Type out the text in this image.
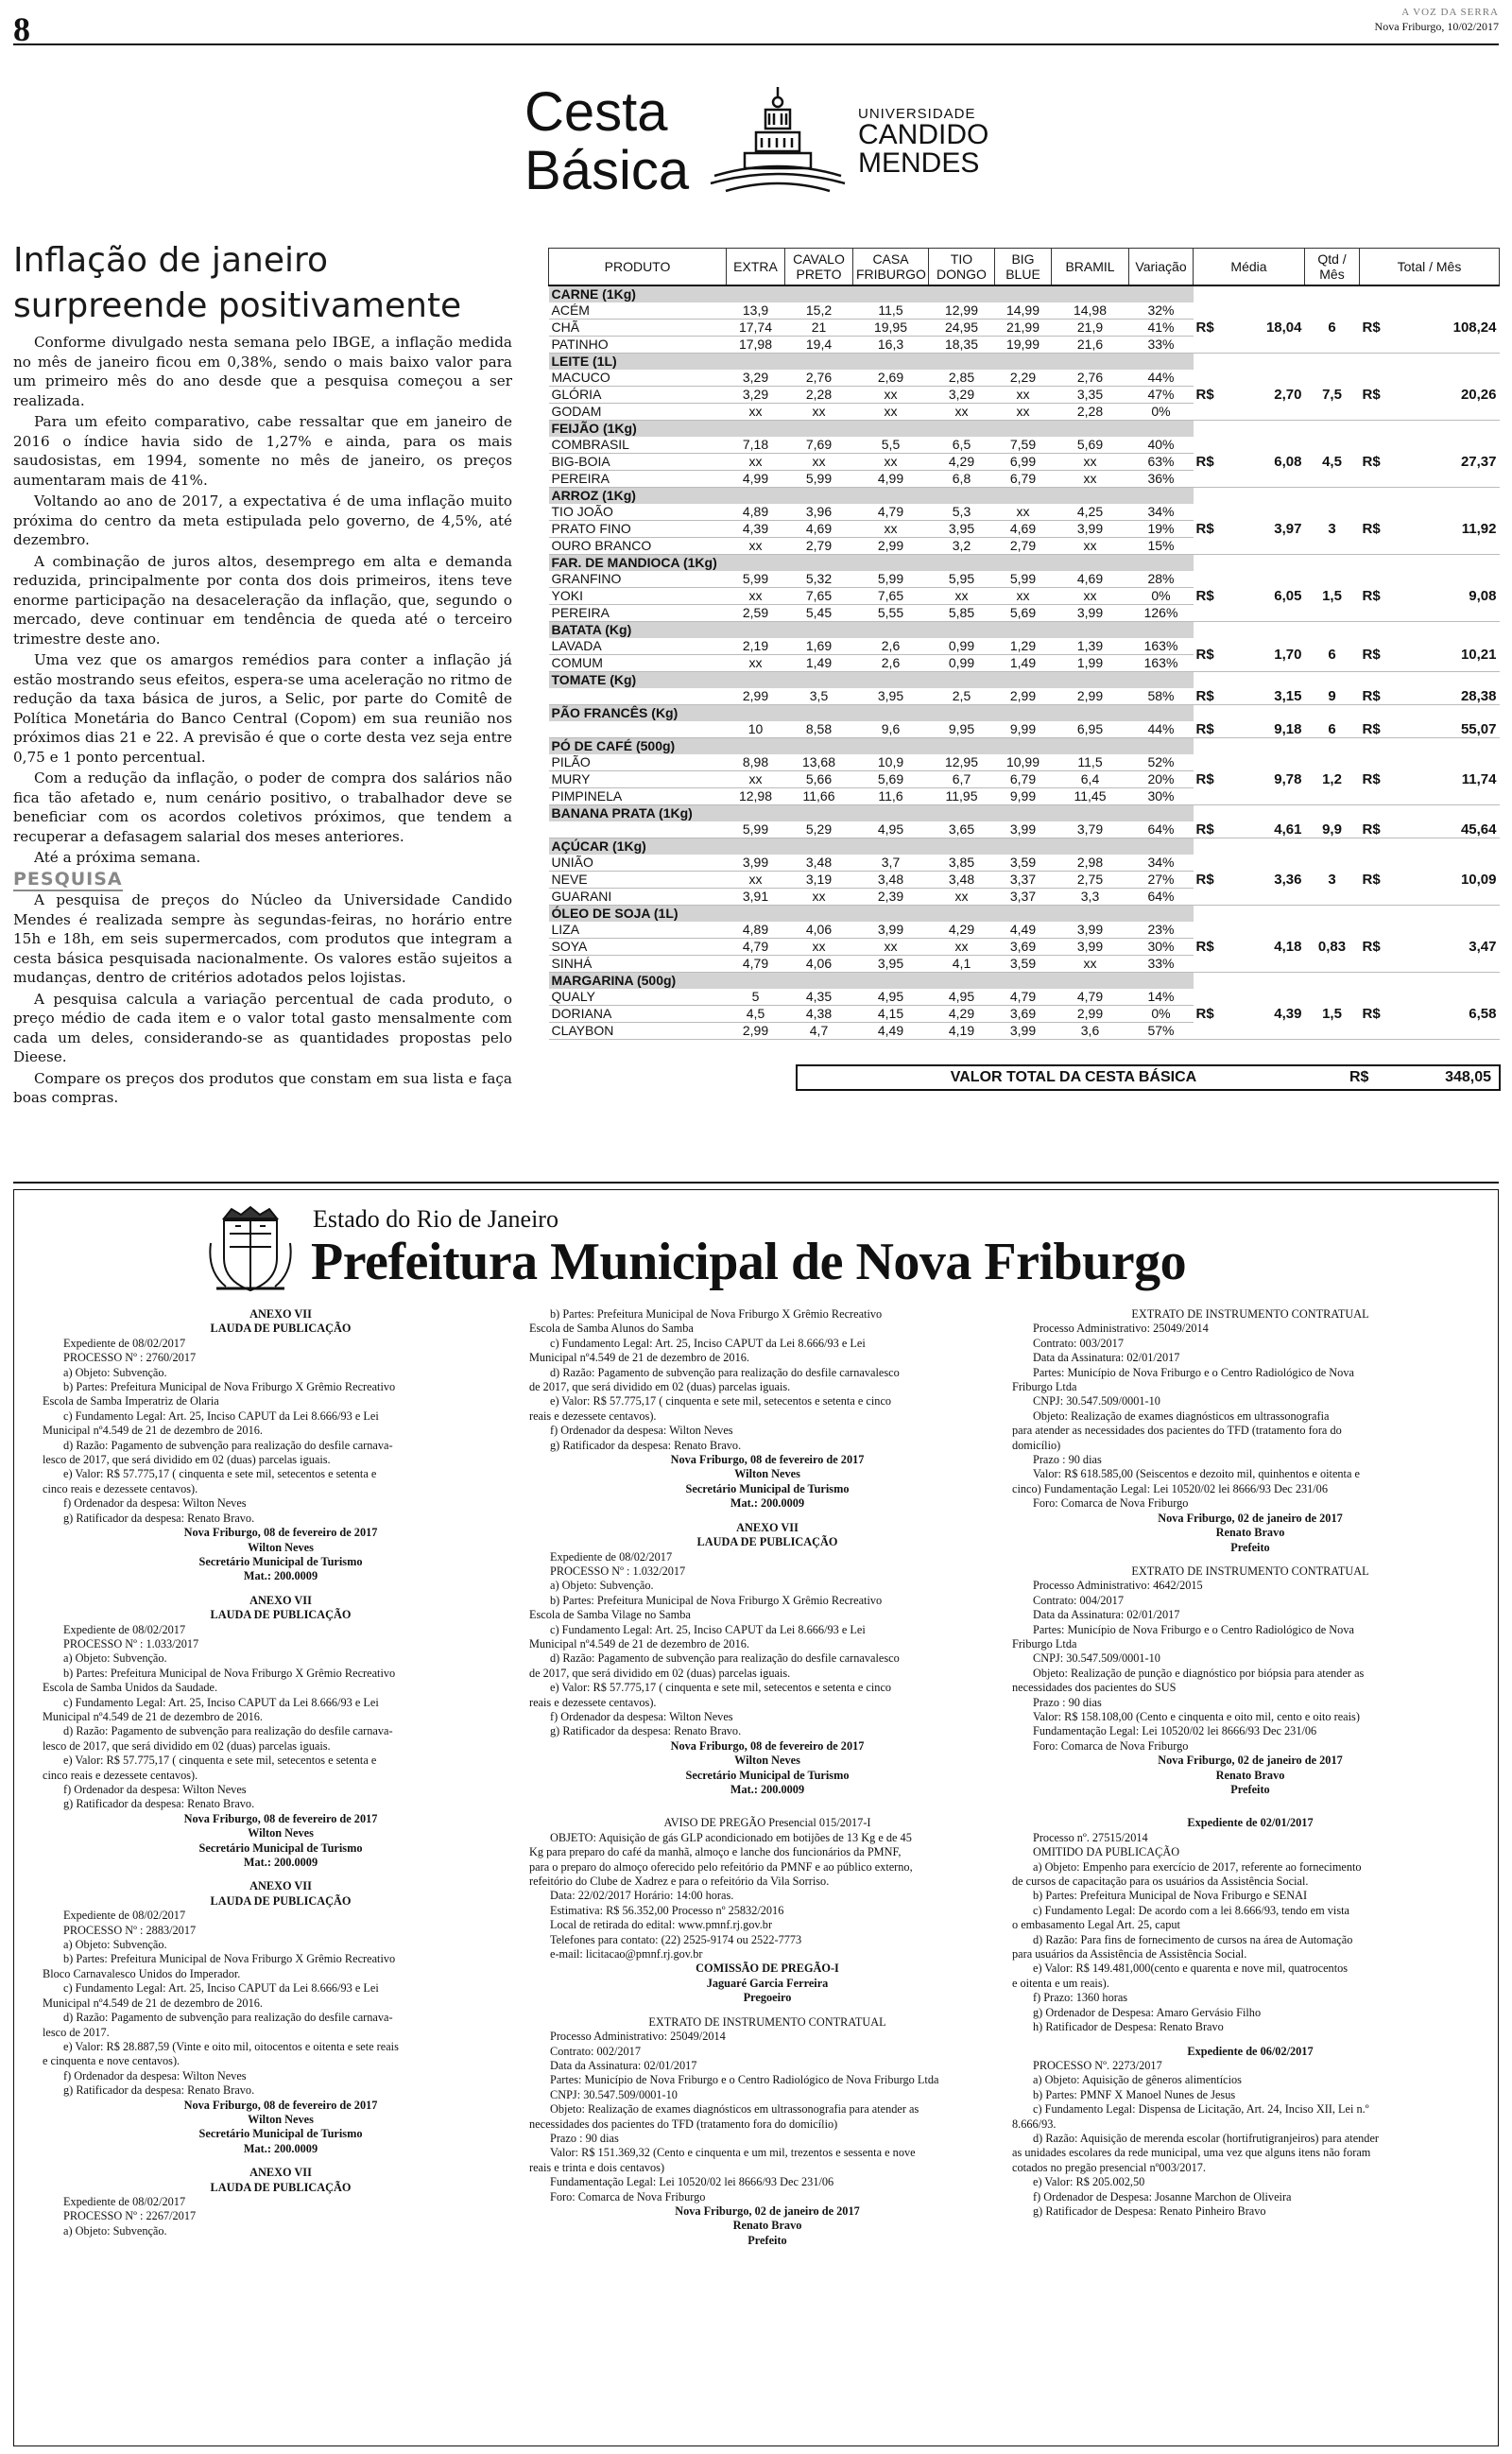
8	A VOZ DA SERRA
Nova Friburgo, 10/02/2017
Cesta
Básica
UNIVERSIDADE
CANDIDO
MENDES
Inflação de janeiro surpreende positivamente

Conforme divulgado nesta semana pelo IBGE, a inflação medida no mês de janeiro ficou em 0,38%, sendo o mais baixo valor para um primeiro mês do ano desde que a pesquisa começou a ser realizada.

Para um efeito comparativo, cabe ressaltar que em janeiro de 2016 o índice havia sido de 1,27% e ainda, para os mais saudosistas, em 1994, somente no mês de janeiro, os preços aumentaram mais de 41%.

Voltando ao ano de 2017, a expectativa é de uma inflação muito próxima do centro da meta estipulada pelo governo, de 4,5%, até dezembro.

A combinação de juros altos, desemprego em alta e demanda reduzida, principalmente por conta dos dois primeiros, itens teve enorme participação na desaceleração da inflação, que, segundo o mercado, deve continuar em tendência de queda até o terceiro trimestre deste ano.

Uma vez que os amargos remédios para conter a inflação já estão mostrando seus efeitos, espera-se uma aceleração no ritmo de redução da taxa básica de juros, a Selic, por parte do Comitê de Política Monetária do Banco Central (Copom) em sua reunião nos próximos dias 21 e 22. A previsão é que o corte desta vez seja entre 0,75 e 1 ponto percentual.

Com a redução da inflação, o poder de compra dos salários não fica tão afetado e, num cenário positivo, o trabalhador deve se beneficiar com os acordos coletivos próximos, que tendem a recuperar a defasagem salarial dos meses anteriores.

Até a próxima semana.

PESQUISA

A pesquisa de preços do Núcleo da Universidade Candido Mendes é realizada sempre às segundas-feiras, no horário entre 15h e 18h, em seis supermercados, com produtos que integram a cesta básica pesquisada nacionalmente. Os valores estão sujeitos a mudanças, dentro de critérios adotados pelos lojistas.

A pesquisa calcula a variação percentual de cada produto, o preço médio de cada item e o valor total gasto mensalmente com cada um deles, considerando-se as quantidades propostas pelo Dieese.

Compare os preços dos produtos que constam em sua lista e faça boas compras.

PRODUTO	EXTRA	CAVALO
PRETO	CASA
FRIBURGO	TIO
DONGO	BIG
BLUE	BRAMIL	Variação	Média	Qtd /
Mês	Total / Mês
CARNE (1Kg)										
ACÉM	13,9	15,2	11,5	12,99	14,99	14,98	32%	R$ 18,04	6	R$ 108,24

CHÃ	17,74	21	19,95	24,95	21,99	21,9	41%			
PATINHO	17,98	19,4	16,3	18,35	19,99	21,6	33%			
LEITE (1L)										
MACUCO	3,29	2,76	2,69	2,85	2,29	2,76	44%	R$ 2,70	7,5	R$ 20,26

GLÓRIA	3,29	2,28	xx	3,29	xx	3,35	47%			
GODAM	xx	xx	xx	xx	xx	2,28	0%			
FEIJÃO (1Kg)										
COMBRASIL	7,18	7,69	5,5	6,5	7,59	5,69	40%	R$ 6,08	4,5	R$ 27,37

BIG-BOIA	xx	xx	xx	4,29	6,99	xx	63%			
PEREIRA	4,99	5,99	4,99	6,8	6,79	xx	36%			
ARROZ (1Kg)										
TIO JOÃO	4,89	3,96	4,79	5,3	xx	4,25	34%	R$ 3,97	3	R$ 11,92

PRATO FINO	4,39	4,69	xx	3,95	4,69	3,99	19%			
OURO BRANCO	xx	2,79	2,99	3,2	2,79	xx	15%			
FAR. DE MANDIOCA (1Kg)										
GRANFINO	5,99	5,32	5,99	5,95	5,99	4,69	28%	R$ 6,05	1,5	R$ 9,08

YOKI	xx	7,65	7,65	xx	xx	xx	0%			
PEREIRA	2,59	5,45	5,55	5,85	5,69	3,99	126%			
BATATA (Kg)										
LAVADA	2,19	1,69	2,6	0,99	1,29	1,39	163%	R$ 1,70	6	R$ 10,21

COMUM	xx	1,49	2,6	0,99	1,49	1,99	163%			
TOMATE (Kg)										
	2,99	3,5	3,95	2,5	2,99	2,99	58%	R$ 3,15	9	R$ 28,38

PÃO FRANCÊS (Kg)										
	10	8,58	9,6	9,95	9,99	6,95	44%	R$ 9,18	6	R$ 55,07

PÓ DE CAFÉ (500g)										
PILÃO	8,98	13,68	10,9	12,95	10,99	11,5	52%	R$ 9,78	1,2	R$ 11,74

MURY	xx	5,66	5,69	6,7	6,79	6,4	20%			
PIMPINELA	12,98	11,66	11,6	11,95	9,99	11,45	30%			
BANANA PRATA (1Kg)										
	5,99	5,29	4,95	3,65	3,99	3,79	64%	R$ 4,61	9,9	R$ 45,64

AÇÚCAR (1Kg)										
UNIÃO	3,99	3,48	3,7	3,85	3,59	2,98	34%	R$ 3,36	3	R$ 10,09

NEVE	xx	3,19	3,48	3,48	3,37	2,75	27%			
GUARANI	3,91	xx	2,39	xx	3,37	3,3	64%			
ÓLEO DE SOJA (1L)										
LIZA	4,89	4,06	3,99	4,29	4,49	3,99	23%	R$ 4,18	0,83	R$ 3,47

SOYA	4,79	xx	xx	xx	3,69	3,99	30%			
SINHÁ	4,79	4,06	3,95	4,1	3,59	xx	33%			
MARGARINA (500g)										
QUALY	5	4,35	4,95	4,95	4,79	4,79	14%	R$ 4,39	1,5	R$ 6,58

DORIANA	4,5	4,38	4,15	4,29	3,69	2,99	0%			
CLAYBON	2,99	4,7	4,49	4,19	3,99	3,6	57%			
VALOR TOTAL DA CESTA BÁSICA	R$	348,05
Estado do Rio de Janeiro
Prefeitura Municipal de Nova Friburgo

ANEXO VII

LAUDA DE PUBLICAÇÃO

Expediente de 08/02/2017

PROCESSO Nº : 2760/2017

a) Objeto: Subvenção.

b) Partes: Prefeitura Municipal de Nova Friburgo X Grêmio Recreativo

Escola de Samba Imperatriz de Olaria

c) Fundamento Legal: Art. 25, Inciso CAPUT da Lei 8.666/93 e Lei

Municipal nº4.549 de 21 de dezembro de 2016.

d) Razão: Pagamento de subvenção para realização do desfile carnava-

lesco de 2017, que será dividido em 02 (duas) parcelas iguais.

e) Valor: R$ 57.775,17 ( cinquenta e sete mil, setecentos e setenta e

cinco reais e dezessete centavos).

f) Ordenador da despesa: Wilton Neves

g) Ratificador da despesa: Renato Bravo.

Nova Friburgo, 08 de fevereiro de 2017

Wilton Neves

Secretário Municipal de Turismo

Mat.: 200.0009

ANEXO VII

LAUDA DE PUBLICAÇÃO

Expediente de 08/02/2017

PROCESSO Nº : 1.033/2017

a) Objeto: Subvenção.

b) Partes: Prefeitura Municipal de Nova Friburgo X Grêmio Recreativo

Escola de Samba Unidos da Saudade.

c) Fundamento Legal: Art. 25, Inciso CAPUT da Lei 8.666/93 e Lei

Municipal nº4.549 de 21 de dezembro de 2016.

d) Razão: Pagamento de subvenção para realização do desfile carnava-

lesco de 2017, que será dividido em 02 (duas) parcelas iguais.

e) Valor: R$ 57.775,17 ( cinquenta e sete mil, setecentos e setenta e

cinco reais e dezessete centavos).

f) Ordenador da despesa: Wilton Neves

g) Ratificador da despesa: Renato Bravo.

Nova Friburgo, 08 de fevereiro de 2017

Wilton Neves

Secretário Municipal de Turismo

Mat.: 200.0009

ANEXO VII

LAUDA DE PUBLICAÇÃO

Expediente de 08/02/2017

PROCESSO Nº : 2883/2017

a) Objeto: Subvenção.

b) Partes: Prefeitura Municipal de Nova Friburgo X Grêmio Recreativo

Bloco Carnavalesco Unidos do Imperador.

c) Fundamento Legal: Art. 25, Inciso CAPUT da Lei 8.666/93 e Lei

Municipal nº4.549 de 21 de dezembro de 2016.

d) Razão: Pagamento de subvenção para realização do desfile carnava-

lesco de 2017.

e) Valor: R$ 28.887,59 (Vinte e oito mil, oitocentos e oitenta e sete reais

e cinquenta e nove centavos).

f) Ordenador da despesa: Wilton Neves

g) Ratificador da despesa: Renato Bravo.

Nova Friburgo, 08 de fevereiro de 2017

Wilton Neves

Secretário Municipal de Turismo

Mat.: 200.0009

ANEXO VII

LAUDA DE PUBLICAÇÃO

Expediente de 08/02/2017

PROCESSO Nº : 2267/2017

a) Objeto: Subvenção.

b) Partes: Prefeitura Municipal de Nova Friburgo X Grêmio Recreativo

Escola de Samba Alunos do Samba

c) Fundamento Legal: Art. 25, Inciso CAPUT da Lei 8.666/93 e Lei

Municipal nº4.549 de 21 de dezembro de 2016.

d) Razão: Pagamento de subvenção para realização do desfile carnavalesco

de 2017, que será dividido em 02 (duas) parcelas iguais.

e) Valor: R$ 57.775,17 ( cinquenta e sete mil, setecentos e setenta e cinco

reais e dezessete centavos).

f) Ordenador da despesa: Wilton Neves

g) Ratificador da despesa: Renato Bravo.

Nova Friburgo, 08 de fevereiro de 2017

Wilton Neves

Secretário Municipal de Turismo

Mat.: 200.0009

ANEXO VII

LAUDA DE PUBLICAÇÃO

Expediente de 08/02/2017

PROCESSO Nº : 1.032/2017

a) Objeto: Subvenção.

b) Partes: Prefeitura Municipal de Nova Friburgo X Grêmio Recreativo

Escola de Samba Vilage no Samba

c) Fundamento Legal: Art. 25, Inciso CAPUT da Lei 8.666/93 e Lei

Municipal nº4.549 de 21 de dezembro de 2016.

d) Razão: Pagamento de subvenção para realização do desfile carnavalesco

de 2017, que será dividido em 02 (duas) parcelas iguais.

e) Valor: R$ 57.775,17 ( cinquenta e sete mil, setecentos e setenta e cinco

reais e dezessete centavos).

f) Ordenador da despesa: Wilton Neves

g) Ratificador da despesa: Renato Bravo.

Nova Friburgo, 08 de fevereiro de 2017

Wilton Neves

Secretário Municipal de Turismo

Mat.: 200.0009

AVISO DE PREGÃO Presencial 015/2017-I

OBJETO: Aquisição de gás GLP acondicionado em botijões de 13 Kg e de 45

Kg para preparo do café da manhã, almoço e lanche dos funcionários da PMNF,

para o preparo do almoço oferecido pelo refeitório da PMNF e ao público externo,

refeitório do Clube de Xadrez e para o refeitório da Vila Sorriso.

Data: 22/02/2017 Horário: 14:00 horas.

Estimativa: R$ 56.352,00 Processo nº 25832/2016

Local de retirada do edital: www.pmnf.rj.gov.br

Telefones para contato: (22) 2525-9174 ou 2522-7773

e-mail: licitacao@pmnf.rj.gov.br

COMISSÃO DE PREGÃO-I

Jaguaré Garcia Ferreira

Pregoeiro

EXTRATO DE INSTRUMENTO CONTRATUAL

Processo Administrativo: 25049/2014

Contrato: 002/2017

Data da Assinatura: 02/01/2017

Partes: Município de Nova Friburgo e o Centro Radiológico de Nova Friburgo Ltda

CNPJ: 30.547.509/0001-10

Objeto: Realização de exames diagnósticos em ultrassonografia para atender as

necessidades dos pacientes do TFD (tratamento fora do domicílio)

Prazo : 90 dias

Valor: R$ 151.369,32 (Cento e cinquenta e um mil, trezentos e sessenta e nove

reais e trinta e dois centavos)

Fundamentação Legal: Lei 10520/02 lei 8666/93 Dec 231/06

Foro: Comarca de Nova Friburgo

Nova Friburgo, 02 de janeiro de 2017

Renato Bravo

Prefeito

EXTRATO DE INSTRUMENTO CONTRATUAL

Processo Administrativo: 25049/2014

Contrato: 003/2017

Data da Assinatura: 02/01/2017

Partes: Município de Nova Friburgo e o Centro Radiológico de Nova

Friburgo Ltda

CNPJ: 30.547.509/0001-10

Objeto: Realização de exames diagnósticos em ultrassonografia

para atender as necessidades dos pacientes do TFD (tratamento fora do

domicílio)

Prazo : 90 dias

Valor: R$ 618.585,00 (Seiscentos e dezoito mil, quinhentos e oitenta e

cinco) Fundamentação Legal: Lei 10520/02 lei 8666/93 Dec 231/06

Foro: Comarca de Nova Friburgo

Nova Friburgo, 02 de janeiro de 2017

Renato Bravo

Prefeito

EXTRATO DE INSTRUMENTO CONTRATUAL

Processo Administrativo: 4642/2015

Contrato: 004/2017

Data da Assinatura: 02/01/2017

Partes: Município de Nova Friburgo e o Centro Radiológico de Nova

Friburgo Ltda

CNPJ: 30.547.509/0001-10

Objeto: Realização de punção e diagnóstico por biópsia para atender as

necessidades dos pacientes do SUS

Prazo : 90 dias

Valor: R$ 158.108,00 (Cento e cinquenta e oito mil, cento e oito reais)

Fundamentação Legal: Lei 10520/02 lei 8666/93 Dec 231/06

Foro: Comarca de Nova Friburgo

Nova Friburgo, 02 de janeiro de 2017

Renato Bravo

Prefeito

Expediente de 02/01/2017

Processo nº. 27515/2014

OMITIDO DA PUBLICAÇÃO

a) Objeto: Empenho para exercício de 2017, referente ao fornecimento

de cursos de capacitação para os usuários da Assistência Social.

b) Partes: Prefeitura Municipal de Nova Friburgo e SENAI

c) Fundamento Legal: De acordo com a lei 8.666/93, tendo em vista

o embasamento Legal Art. 25, caput

d) Razão: Para fins de fornecimento de cursos na área de Automação

para usuários da Assistência de Assistência Social.

e) Valor: R$ 149.481,000(cento e quarenta e nove mil, quatrocentos

e oitenta e um reais).

f) Prazo: 1360 horas

g) Ordenador de Despesa: Amaro Gervásio Filho

h) Ratificador de Despesa: Renato Bravo

Expediente de 06/02/2017

PROCESSO Nº. 2273/2017

a) Objeto: Aquisição de gêneros alimentícios

b) Partes: PMNF X Manoel Nunes de Jesus

c) Fundamento Legal: Dispensa de Licitação, Art. 24, Inciso XII, Lei n.º

8.666/93.

d) Razão: Aquisição de merenda escolar (hortifrutigranjeiros) para atender

as unidades escolares da rede municipal, uma vez que alguns itens não foram

cotados no pregão presencial nº003/2017.

e) Valor: R$ 205.002,50

f) Ordenador de Despesa: Josanne Marchon de Oliveira

g) Ratificador de Despesa: Renato Pinheiro Bravo
